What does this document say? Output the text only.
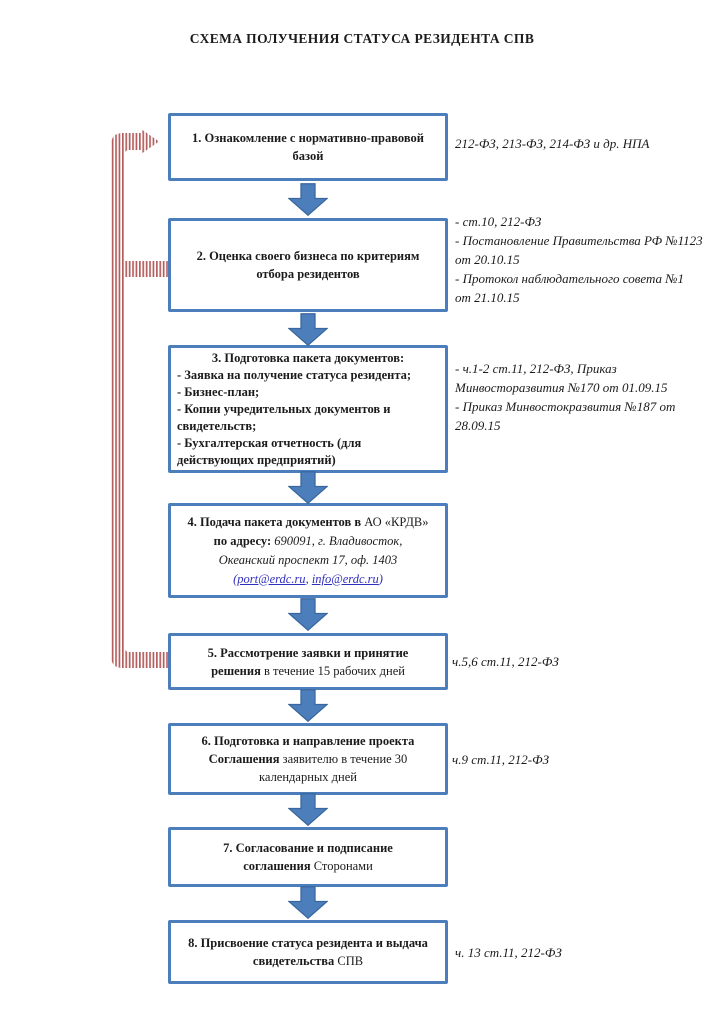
СХЕМА ПОЛУЧЕНИЯ СТАТУСА РЕЗИДЕНТА СПВ
1. Ознакомление с нормативно-правовой базой
2. Оценка своего бизнеса по критериям отбора резидентов
3. Подготовка пакета документов:
- Заявка на получение статуса резидента;
- Бизнес-план;
- Копии учредительных документов и свидетельств;
- Бухгалтерская отчетность (для действующих предприятий)
4. Подача пакета документов в АО «КРДВ»
по адресу: 690091, г. Владивосток,
Океанский проспект 17, оф. 1403
(port@erdc.ru, info@erdc.ru)
5. Рассмотрение заявки и принятие решения в течение 15 рабочих дней
6. Подготовка и направление проекта Соглашения заявителю в течение 30 календарных дней
7. Согласование и подписание соглашения Сторонами
8. Присвоение статуса резидента и выдача свидетельства СПВ
212-ФЗ, 213-ФЗ, 214-ФЗ и др. НПА
- ст.10, 212-ФЗ
- Постановление Правительства РФ №1123 от 20.10.15
- Протокол наблюдательного совета №1 от 21.10.15
- ч.1-2 ст.11, 212-ФЗ, Приказ Минвосторазвития №170 от 01.09.15
- Приказ Минвостокразвития №187 от 28.09.15
ч.5,6 ст.11, 212-ФЗ
ч.9 ст.11, 212-ФЗ
ч. 13 ст.11, 212-ФЗ
